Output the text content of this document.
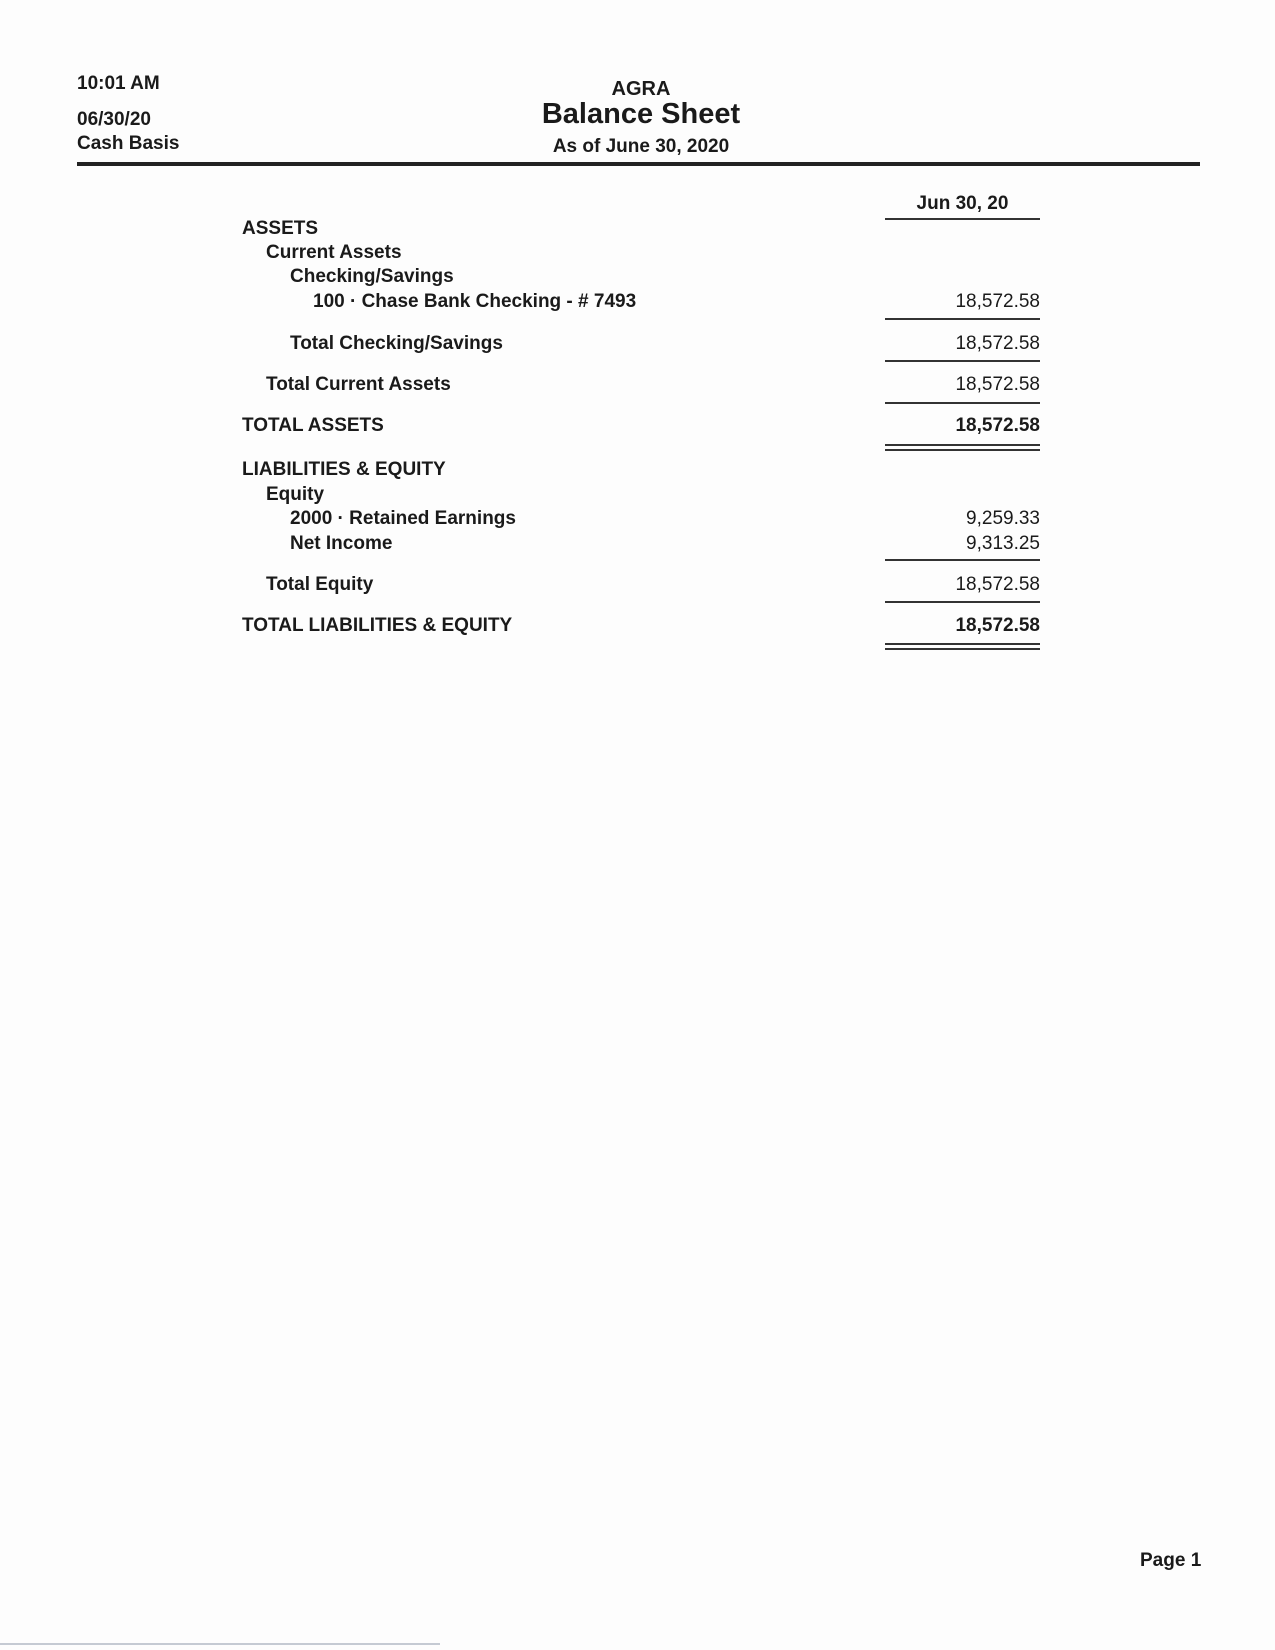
10:01 AM
06/30/20
Cash Basis
AGRA
Balance Sheet
As of June 30, 2020
Jun 30, 20
ASSETS
Current Assets
Checking/Savings
100 · Chase Bank Checking - # 7493	18,572.58
Total Checking/Savings	18,572.58
Total Current Assets	18,572.58
TOTAL ASSETS	18,572.58
LIABILITIES & EQUITY
Equity
2000 · Retained Earnings	9,259.33
Net Income	9,313.25
Total Equity	18,572.58
TOTAL LIABILITIES & EQUITY	18,572.58
Page 1
